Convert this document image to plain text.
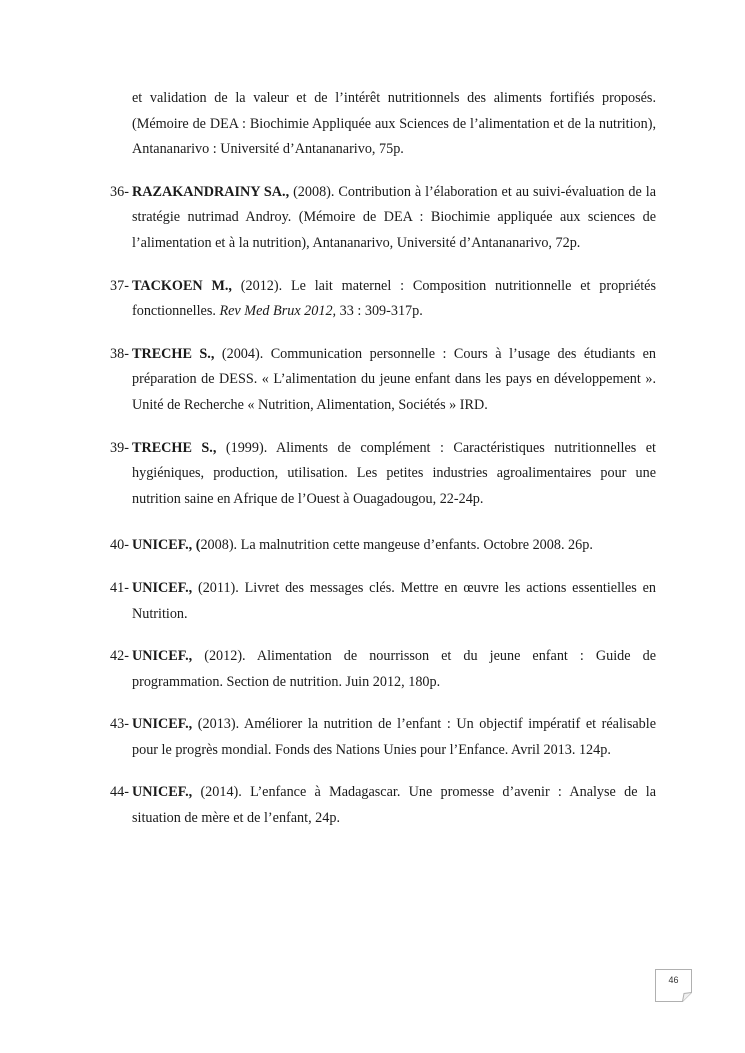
et validation de la valeur et de l’intérêt nutritionnels des aliments fortifiés proposés. (Mémoire de DEA : Biochimie Appliquée aux Sciences de l’alimentation et de la nutrition), Antananarivo : Université d’Antananarivo, 75p.
36- RAZAKANDRAINY SA., (2008). Contribution à l’élaboration et au suivi-évaluation de la stratégie nutrimad Androy. (Mémoire de DEA : Biochimie appliquée aux sciences de l’alimentation et à la nutrition), Antananarivo, Université d’Antananarivo, 72p.
37- TACKOEN M., (2012). Le lait maternel : Composition nutritionnelle et propriétés fonctionnelles. Rev Med Brux 2012, 33 : 309-317p.
38- TRECHE S., (2004). Communication personnelle : Cours à l’usage des étudiants en préparation de DESS. « L’alimentation du jeune enfant dans les pays en développement ». Unité de Recherche « Nutrition, Alimentation, Sociétés » IRD.
39- TRECHE S., (1999). Aliments de complément : Caractéristiques nutritionnelles et hygiéniques, production, utilisation. Les petites industries agroalimentaires pour une nutrition saine en Afrique de l’Ouest à Ouagadougou, 22-24p.
40- UNICEF., (2008). La malnutrition cette mangeuse d’enfants. Octobre 2008. 26p.
41- UNICEF., (2011). Livret des messages clés. Mettre en œuvre les actions essentielles en Nutrition.
42- UNICEF., (2012). Alimentation de nourrisson et du jeune enfant : Guide de programmation. Section de nutrition. Juin 2012, 180p.
43- UNICEF., (2013). Améliorer la nutrition de l’enfant : Un objectif impératif et réalisable pour le progrès mondial. Fonds des Nations Unies pour l’Enfance. Avril 2013. 124p.
44- UNICEF., (2014). L’enfance à Madagascar. Une promesse d’avenir : Analyse de la situation de mère et de l’enfant, 24p.
46
